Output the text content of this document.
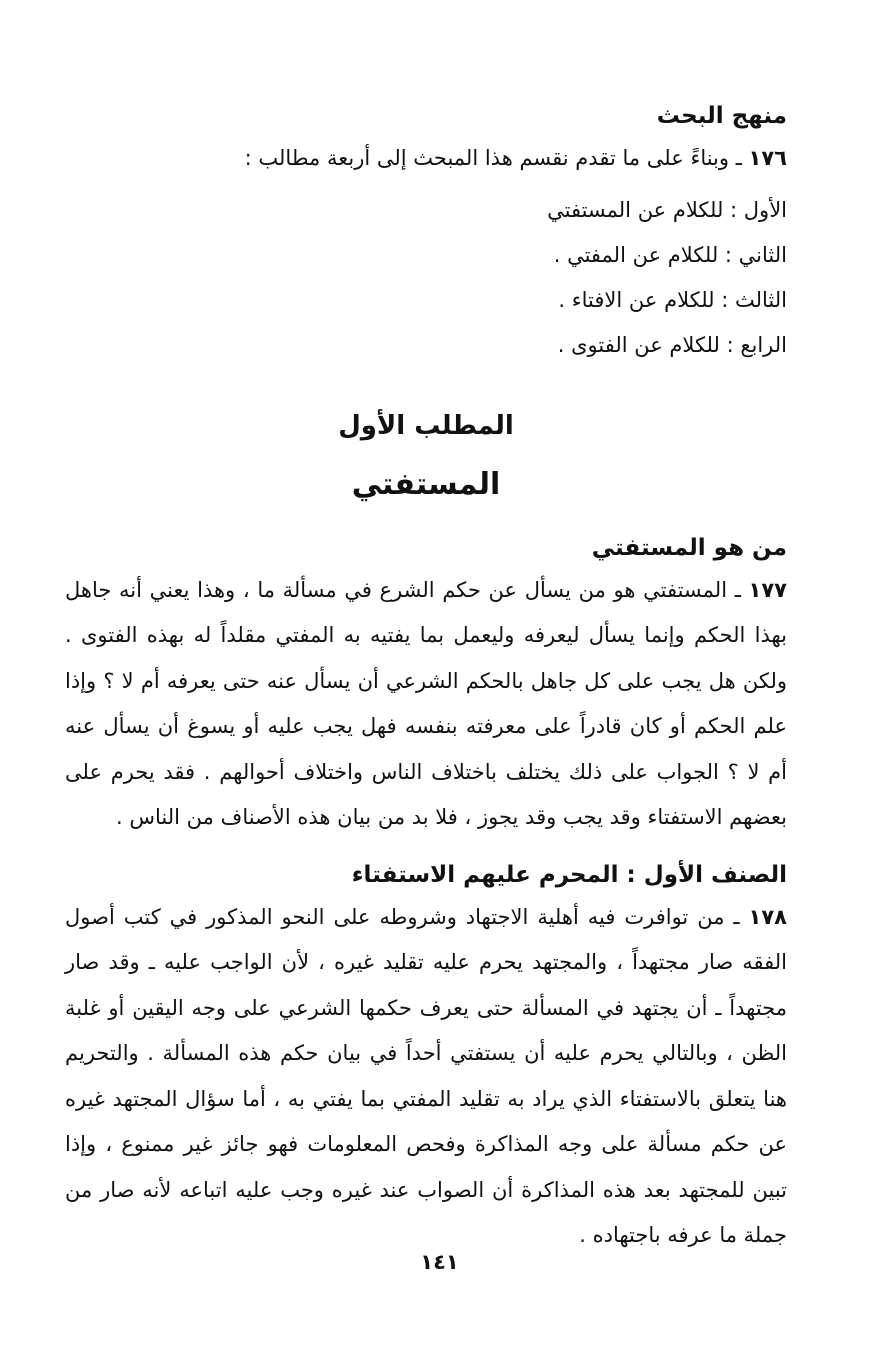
منهج البحث

١٧٦ ـ وبناءً على ما تقدم نقسم هذا المبحث إلى أربعة مطالب :

الأول : للكلام عن المستفتي
الثاني : للكلام عن المفتي .
الثالث : للكلام عن الافتاء .
الرابع : للكلام عن الفتوى .
المطلب الأول
المستفتي
من هو المستفتي

١٧٧ ـ المستفتي هو من يسأل عن حكم الشرع في مسألة ما ، وهذا يعني أنه جاهل بهذا الحكم وإنما يسأل ليعرفه وليعمل بما يفتيه به المفتي مقلداً له بهذه الفتوى . ولكن هل يجب على كل جاهل بالحكم الشرعي أن يسأل عنه حتى يعرفه أم لا ؟ وإذا علم الحكم أو كان قادراً على معرفته بنفسه فهل يجب عليه أو يسوغ أن يسأل عنه أم لا ؟ الجواب على ذلك يختلف باختلاف الناس واختلاف أحوالهم . فقد يحرم على بعضهم الاستفتاء وقد يجب وقد يجوز ، فلا بد من بيان هذه الأصناف من الناس .

الصنف الأول : المحرم عليهم الاستفتاء

١٧٨ ـ من توافرت فيه أهلية الاجتهاد وشروطه على النحو المذكور في كتب أصول الفقه صار مجتهداً ، والمجتهد يحرم عليه تقليد غيره ، لأن الواجب عليه ـ وقد صار مجتهداً ـ أن يجتهد في المسألة حتى يعرف حكمها الشرعي على وجه اليقين أو غلبة الظن ، وبالتالي يحرم عليه أن يستفتي أحداً في بيان حكم هذه المسألة . والتحريم هنا يتعلق بالاستفتاء الذي يراد به تقليد المفتي بما يفتي به ، أما سؤال المجتهد غيره عن حكم مسألة على وجه المذاكرة وفحص المعلومات فهو جائز غير ممنوع ، وإذا تبين للمجتهد بعد هذه المذاكرة أن الصواب عند غيره وجب عليه اتباعه لأنه صار من جملة ما عرفه باجتهاده .

١٤١
